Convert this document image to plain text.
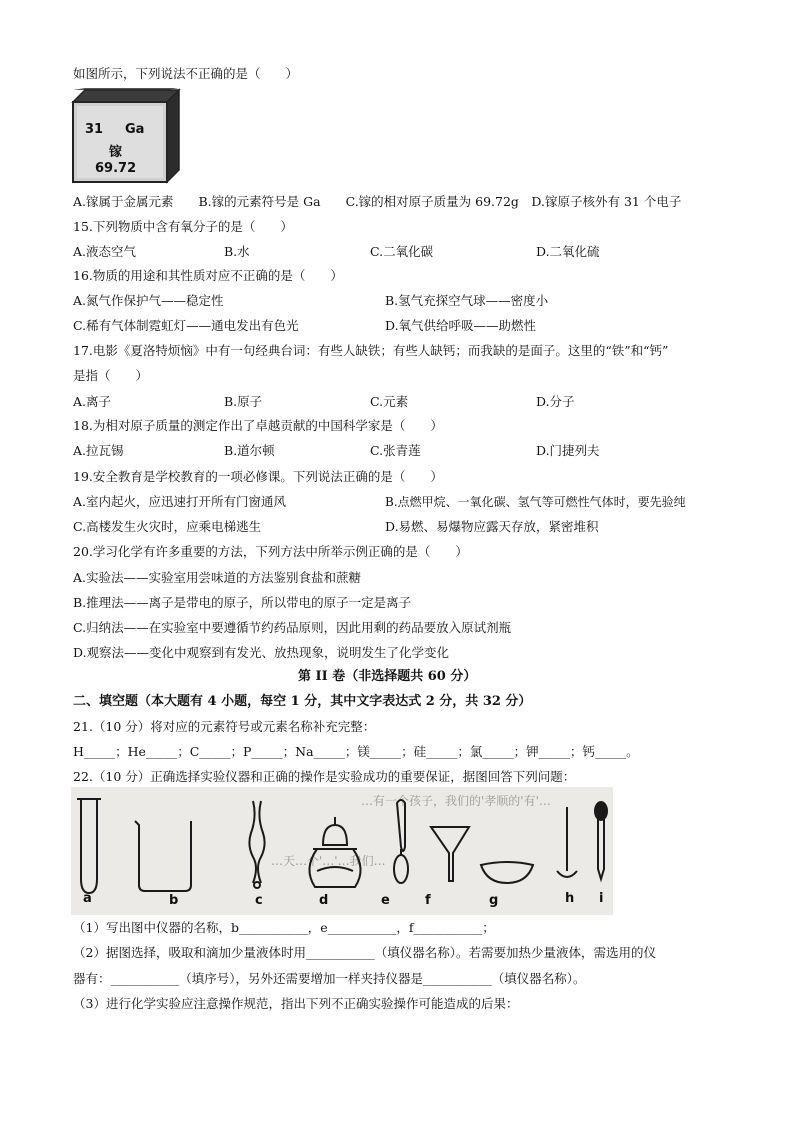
如图所示，下列说法不正确的是（　　）
31 Ga
镓
69.72
A.镓属于金属元素　　B.镓的元素符号是 Ga　　C.镓的相对原子质量为 69.72g　D.镓原子核外有 31 个电子
15.下列物质中含有氧分子的是（　　）
A.液态空气	B.水	C.二氧化碳	D.二氧化硫
16.物质的用途和其性质对应不正确的是（　　）
A.氮气作保护气——稳定性	B.氢气充探空气球——密度小
C.稀有气体制霓虹灯——通电发出有色光	D.氧气供给呼吸——助燃性
17.电影《夏洛特烦恼》中有一句经典台词：有些人缺铁；有些人缺钙；而我缺的是面子。这里的“铁”和“钙”
是指（　　）
A.离子	B.原子	C.元素	D.分子
18.为相对原子质量的测定作出了卓越贡献的中国科学家是（　　）
A.拉瓦锡	B.道尔顿	C.张青莲	D.门捷列夫
19.安全教育是学校教育的一项必修课。下列说法正确的是（　　）
A.室内起火，应迅速打开所有门窗通风	B.点燃甲烷、一氧化碳、氢气等可燃性气体时，要先验纯
C.高楼发生火灾时，应乘电梯逃生	D.易燃、易爆物应露天存放，紧密堆积
20.学习化学有许多重要的方法，下列方法中所举示例正确的是（　　）
A.实验法——实验室用尝味道的方法鉴别食盐和蔗糖
B.推理法——离子是带电的原子，所以带电的原子一定是离子
C.归纳法——在实验室中要遵循节约药品原则，因此用剩的药品要放入原试剂瓶
D.观察法——变化中观察到有发光、放热现象，说明发生了化学变化
第 II 卷（非选择题共 60 分）
二、填空题（本大题有 4 小题，每空 1 分，其中文字表达式 2 分，共 32 分）
21.（10 分）将对应的元素符号或元素名称补充完整：
H_____；He_____；C_____；P_____；Na_____；镁_____；硅_____；氯_____；钾_____；钙_____。
22.（10 分）正确选择实验仪器和正确的操作是实验成功的重要保证，据图回答下列问题：
…有一个孩子，我们的'孝顺的'有'…
…天…个'…'…我们…
a	b	c	d	e	f	g	h i
（1）写出图中仪器的名称，b___________，e___________，f___________；
（2）据图选择，吸取和滴加少量液体时用___________（填仪器名称）。若需要加热少量液体，需选用的仪
器有：___________（填序号），另外还需要增加一样夹持仪器是___________（填仪器名称）。
（3）进行化学实验应注意操作规范，指出下列不正确实验操作可能造成的后果：
